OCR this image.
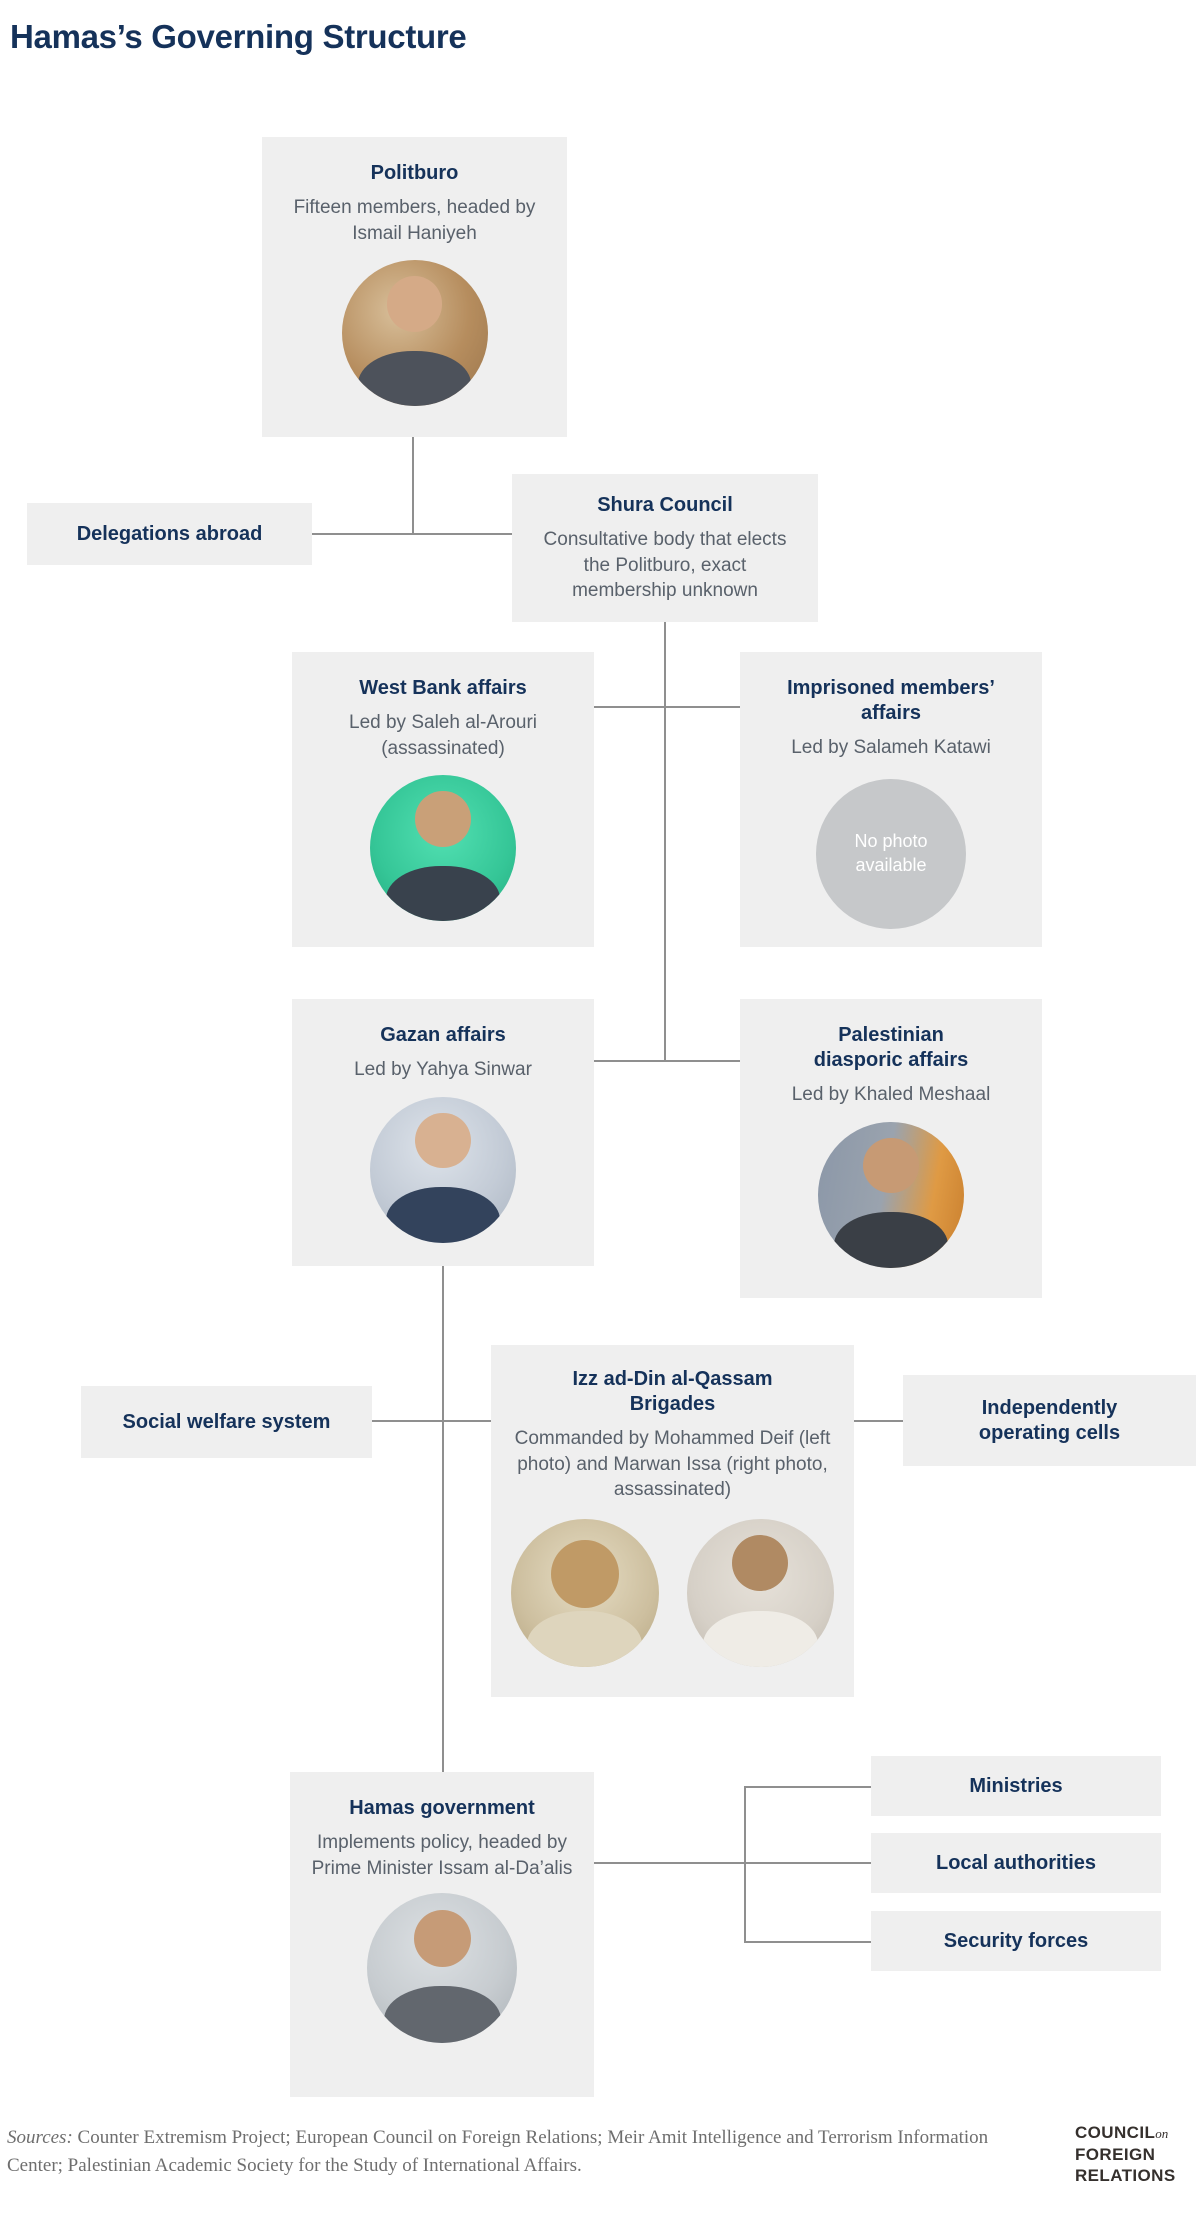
Hamas’s Governing Structure
Politburo

Fifteen members, headed by Ismail Haniyeh

Delegations abroad
Shura Council

Consultative body that elects the Politburo, exact membership unknown

West Bank affairs

Led by Saleh al-Arouri (assassinated)

Imprisoned members’ affairs

Led by Salameh Katawi

No photo available
Gazan affairs

Led by Yahya Sinwar

Palestinian diasporic affairs

Led by Khaled Meshaal

Social welfare system
Izz ad-Din al-Qassam Brigades

Commanded by Mohammed Deif (left photo) and Marwan Issa (right photo, assassinated)

Independently operating cells
Hamas government

Implements policy, headed by Prime Minister Issam al-Da’alis

Ministries
Local authorities
Security forces

Sources: Counter Extremism Project; European Council on Foreign Relations; Meir Amit Intelligence and Terrorism Information Center; Palestinian Academic Society for the Study of International Affairs.

COUNCILon
FOREIGN
RELATIONS
